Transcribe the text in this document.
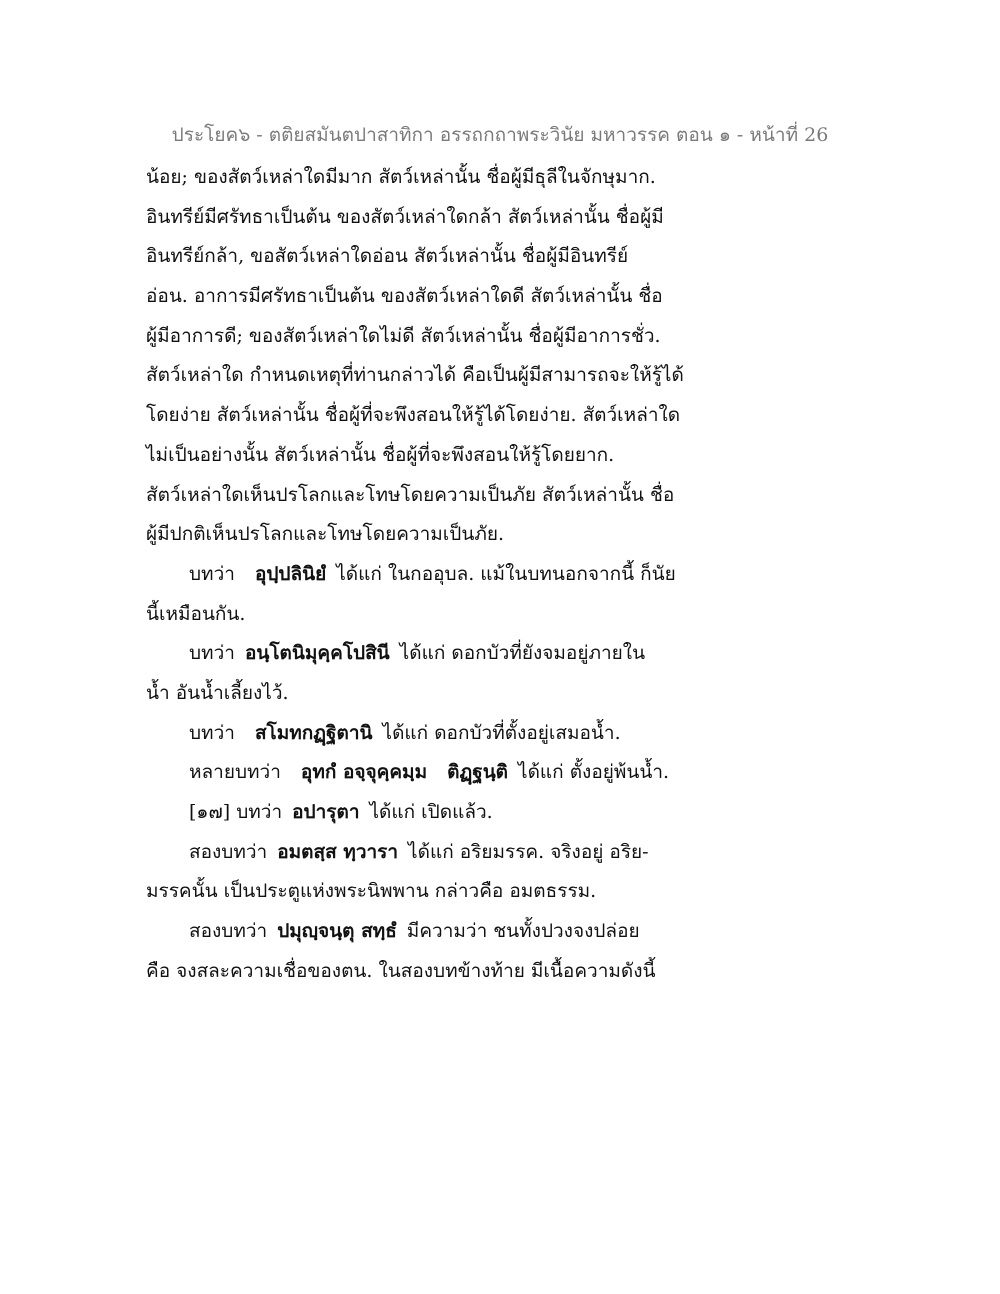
ประโยค๖ - ตติยสมันตปาสาทิกา อรรถกถาพระวินัย มหาวรรค ตอน ๑ - หน้าที่ 26
น้อย; ของสัตว์เหล่าใดมีมาก สัตว์เหล่านั้น ชื่อผู้มีธุลีในจักษุมาก.
อินทรีย์มีศรัทธาเป็นต้น ของสัตว์เหล่าใดกล้า สัตว์เหล่านั้น ชื่อผู้มี
อินทรีย์กล้า, ขอสัตว์เหล่าใดอ่อน สัตว์เหล่านั้น ชื่อผู้มีอินทรีย์
อ่อน. อาการมีศรัทธาเป็นต้น ของสัตว์เหล่าใดดี สัตว์เหล่านั้น ชื่อ
ผู้มีอาการดี; ของสัตว์เหล่าใดไม่ดี สัตว์เหล่านั้น ชื่อผู้มีอาการชั่ว.
สัตว์เหล่าใด กำหนดเหตุที่ท่านกล่าวได้ คือเป็นผู้มีสามารถจะให้รู้ได้
โดยง่าย สัตว์เหล่านั้น ชื่อผู้ที่จะพึงสอนให้รู้ได้โดยง่าย. สัตว์เหล่าใด
ไม่เป็นอย่างนั้น สัตว์เหล่านั้น ชื่อผู้ที่จะพึงสอนให้รู้โดยยาก.
สัตว์เหล่าใดเห็นปรโลกและโทษโดยความเป็นภัย สัตว์เหล่านั้น ชื่อ
ผู้มีปกติเห็นปรโลกและโทษโดยความเป็นภัย.
บทว่า อุปฺปลินิยํ ได้แก่ ในกออุบล. แม้ในบทนอกจากนี้ ก็นัย
นี้เหมือนกัน.
บทว่า อนฺโตนิมุคฺคโปสินี ได้แก่ ดอกบัวที่ยังจมอยู่ภายใน
น้ำ อันน้ำเลี้ยงไว้.
บทว่า สโมทกฏฺฐิตานิ ได้แก่ ดอกบัวที่ตั้งอยู่เสมอน้ำ.
หลายบทว่า อุทกํ อจฺจุคฺคมฺม ติฏฺฐนฺติ ได้แก่ ตั้งอยู่พ้นน้ำ.
[๑๗] บทว่า อปารุตา ได้แก่ เปิดแล้ว.
สองบทว่า อมตสฺส ทฺวารา ได้แก่ อริยมรรค. จริงอยู่ อริย-
มรรคนั้น เป็นประตูแห่งพระนิพพาน กล่าวคือ อมตธรรม.
สองบทว่า ปมุญฺจนฺตุ สทฺธํ มีความว่า ชนทั้งปวงจงปล่อย
คือ จงสละความเชื่อของตน. ในสองบทข้างท้าย มีเนื้อความดังนี้
